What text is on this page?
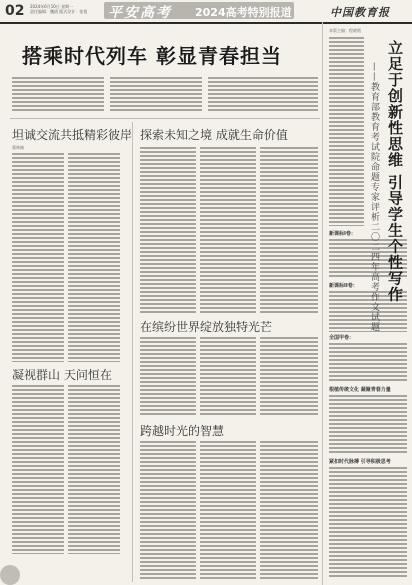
02 2024年6月10日 星期一
责任编辑：魏倩 版式设计：张悦	平安高考 2024高考特别报道	中国教育报
搭乘时代列车 彰显青春担当
坦诚交流共抵精彩彼岸
董林楠
凝视群山 天问恒在
探索未知之境 成就生命价值
在缤纷世界绽放独特光芒
跨越时光的智慧
本版主编：程晓霞
新课标I卷：
新课标II卷：
全国甲卷：
根植传统文化 凝聚青春力量
紧扣时代脉搏 引导积极思考
立足于创新性思维 引导学生个性写作
——教育部教育考试院命题专家评析二〇二四年高考作文试题
